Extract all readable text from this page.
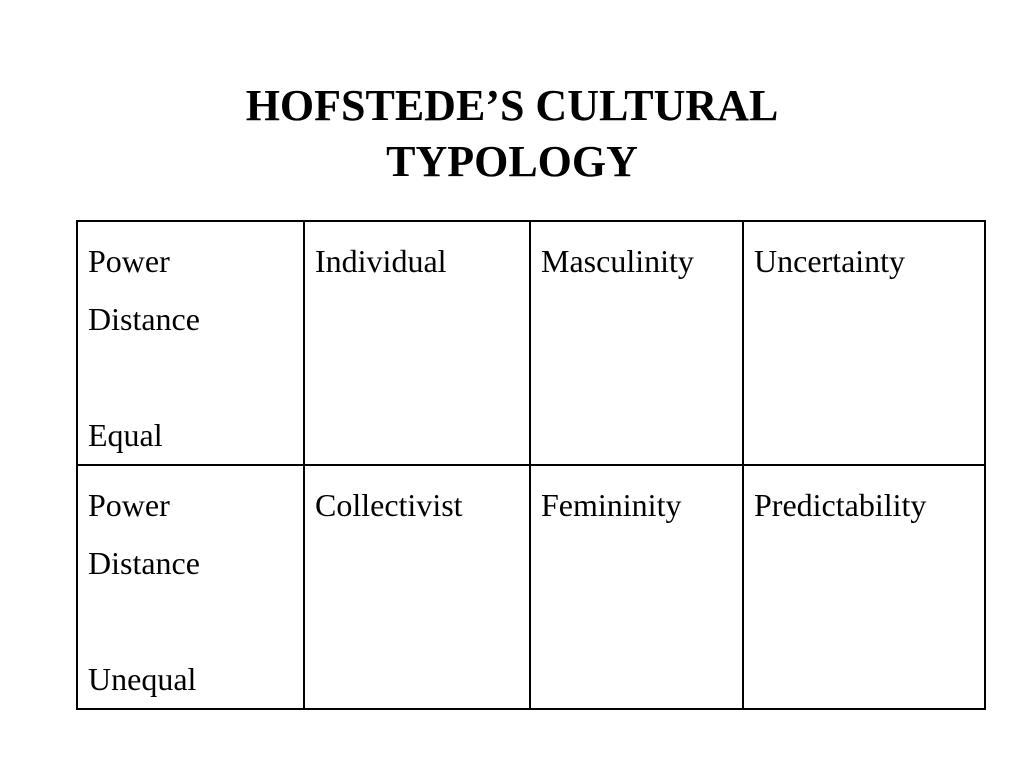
HOFSTEDE’S CULTURAL
TYPOLOGY
Power
Distance
Equal	Individual	Masculinity	Uncertainty

Power
Distance
Unequal	Collectivist	Femininity	Predictability
